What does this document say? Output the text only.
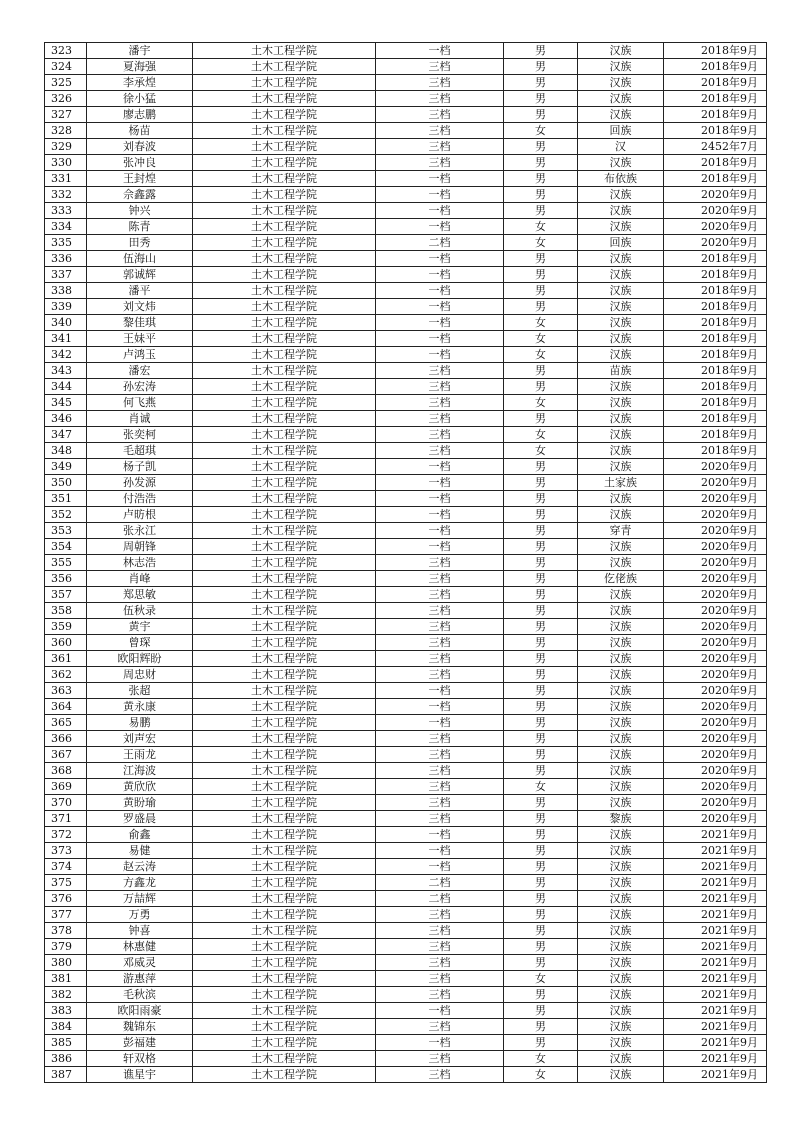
323	潘宇	土木工程学院	一档	男	汉族	2018年9月
324	夏海强	土木工程学院	三档	男	汉族	2018年9月
325	李承煌	土木工程学院	三档	男	汉族	2018年9月
326	徐小猛	土木工程学院	三档	男	汉族	2018年9月
327	廖志鹏	土木工程学院	三档	男	汉族	2018年9月
328	杨苗	土木工程学院	三档	女	回族	2018年9月
329	刘春波	土木工程学院	三档	男	汉	2452年7月
330	张冲良	土木工程学院	三档	男	汉族	2018年9月
331	王封煌	土木工程学院	一档	男	布依族	2018年9月
332	佘鑫露	土木工程学院	一档	男	汉族	2020年9月
333	钟兴	土木工程学院	一档	男	汉族	2020年9月
334	陈青	土木工程学院	一档	女	汉族	2020年9月
335	田秀	土木工程学院	二档	女	回族	2020年9月
336	伍海山	土木工程学院	一档	男	汉族	2018年9月
337	郭诚辉	土木工程学院	一档	男	汉族	2018年9月
338	潘平	土木工程学院	一档	男	汉族	2018年9月
339	刘文炜	土木工程学院	一档	男	汉族	2018年9月
340	黎佳琪	土木工程学院	一档	女	汉族	2018年9月
341	王妹平	土木工程学院	一档	女	汉族	2018年9月
342	卢鸿玉	土木工程学院	一档	女	汉族	2018年9月
343	潘宏	土木工程学院	三档	男	苗族	2018年9月
344	孙宏涛	土木工程学院	三档	男	汉族	2018年9月
345	何飞燕	土木工程学院	三档	女	汉族	2018年9月
346	肖诚	土木工程学院	三档	男	汉族	2018年9月
347	张奕柯	土木工程学院	三档	女	汉族	2018年9月
348	毛超琪	土木工程学院	三档	女	汉族	2018年9月
349	杨子凯	土木工程学院	一档	男	汉族	2020年9月
350	孙发源	土木工程学院	一档	男	土家族	2020年9月
351	付浩浩	土木工程学院	一档	男	汉族	2020年9月
352	卢昉根	土木工程学院	一档	男	汉族	2020年9月
353	张永江	土木工程学院	一档	男	穿青	2020年9月
354	周朝锋	土木工程学院	一档	男	汉族	2020年9月
355	林志浩	土木工程学院	三档	男	汉族	2020年9月
356	肖峰	土木工程学院	三档	男	仡佬族	2020年9月
357	郑思敏	土木工程学院	三档	男	汉族	2020年9月
358	伍秋录	土木工程学院	三档	男	汉族	2020年9月
359	黄宇	土木工程学院	三档	男	汉族	2020年9月
360	曾琛	土木工程学院	三档	男	汉族	2020年9月
361	欧阳辉盼	土木工程学院	三档	男	汉族	2020年9月
362	周忠财	土木工程学院	三档	男	汉族	2020年9月
363	张超	土木工程学院	一档	男	汉族	2020年9月
364	黄永康	土木工程学院	一档	男	汉族	2020年9月
365	易鹏	土木工程学院	一档	男	汉族	2020年9月
366	刘声宏	土木工程学院	三档	男	汉族	2020年9月
367	王雨龙	土木工程学院	三档	男	汉族	2020年9月
368	江海波	土木工程学院	三档	男	汉族	2020年9月
369	黄欣欣	土木工程学院	三档	女	汉族	2020年9月
370	黄盼瑜	土木工程学院	三档	男	汉族	2020年9月
371	罗盛晨	土木工程学院	三档	男	黎族	2020年9月
372	俞鑫	土木工程学院	一档	男	汉族	2021年9月
373	易健	土木工程学院	一档	男	汉族	2021年9月
374	赵云涛	土木工程学院	一档	男	汉族	2021年9月
375	方鑫龙	土木工程学院	二档	男	汉族	2021年9月
376	万喆辉	土木工程学院	二档	男	汉族	2021年9月
377	万勇	土木工程学院	三档	男	汉族	2021年9月
378	钟喜	土木工程学院	三档	男	汉族	2021年9月
379	林惠健	土木工程学院	三档	男	汉族	2021年9月
380	邓威灵	土木工程学院	三档	男	汉族	2021年9月
381	游惠萍	土木工程学院	三档	女	汉族	2021年9月
382	毛秋滨	土木工程学院	三档	男	汉族	2021年9月
383	欧阳雨豪	土木工程学院	一档	男	汉族	2021年9月
384	魏锦东	土木工程学院	三档	男	汉族	2021年9月
385	彭福建	土木工程学院	一档	男	汉族	2021年9月
386	轩双格	土木工程学院	三档	女	汉族	2021年9月
387	谯星宇	土木工程学院	三档	女	汉族	2021年9月
